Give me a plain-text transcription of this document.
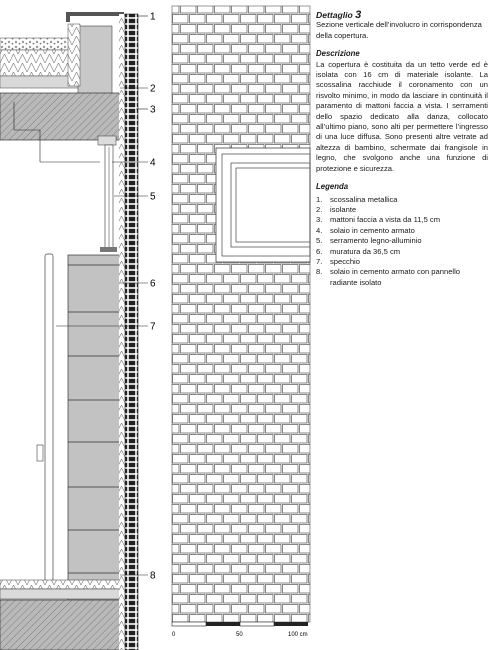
1
2
3
4
5
6
7
8
0	50	100 cm

Dettaglio 3

Sezione verticale dell’involucro in corrispondenza della copertura.

Descrizione

La copertura è costituita da un tetto verde ed è isolata con 16 cm di materiale isolante. La scossalina racchiude il coronamento con un risvolto minimo, in modo da lasciare in continuità il paramento di mattoni faccia a vista. I serramenti dello spazio dedicato alla danza, collocato all’ultimo piano, sono alti per permettere l’ingresso di una luce diffusa. Sono presenti altre vetrate ad altezza di bambino, schermate dai frangisole in legno, che svolgono anche una funzione di protezione e sicurezza.

Legenda

1.	scossalina metallica
2.	isolante
3.	mattoni faccia a vista da 11,5 cm
4.	solaio in cemento armato
5.	serramento legno-alluminio
6.	muratura da 36,5 cm
7.	specchio
8.	solaio in cemento armato con pannello radiante isolato
